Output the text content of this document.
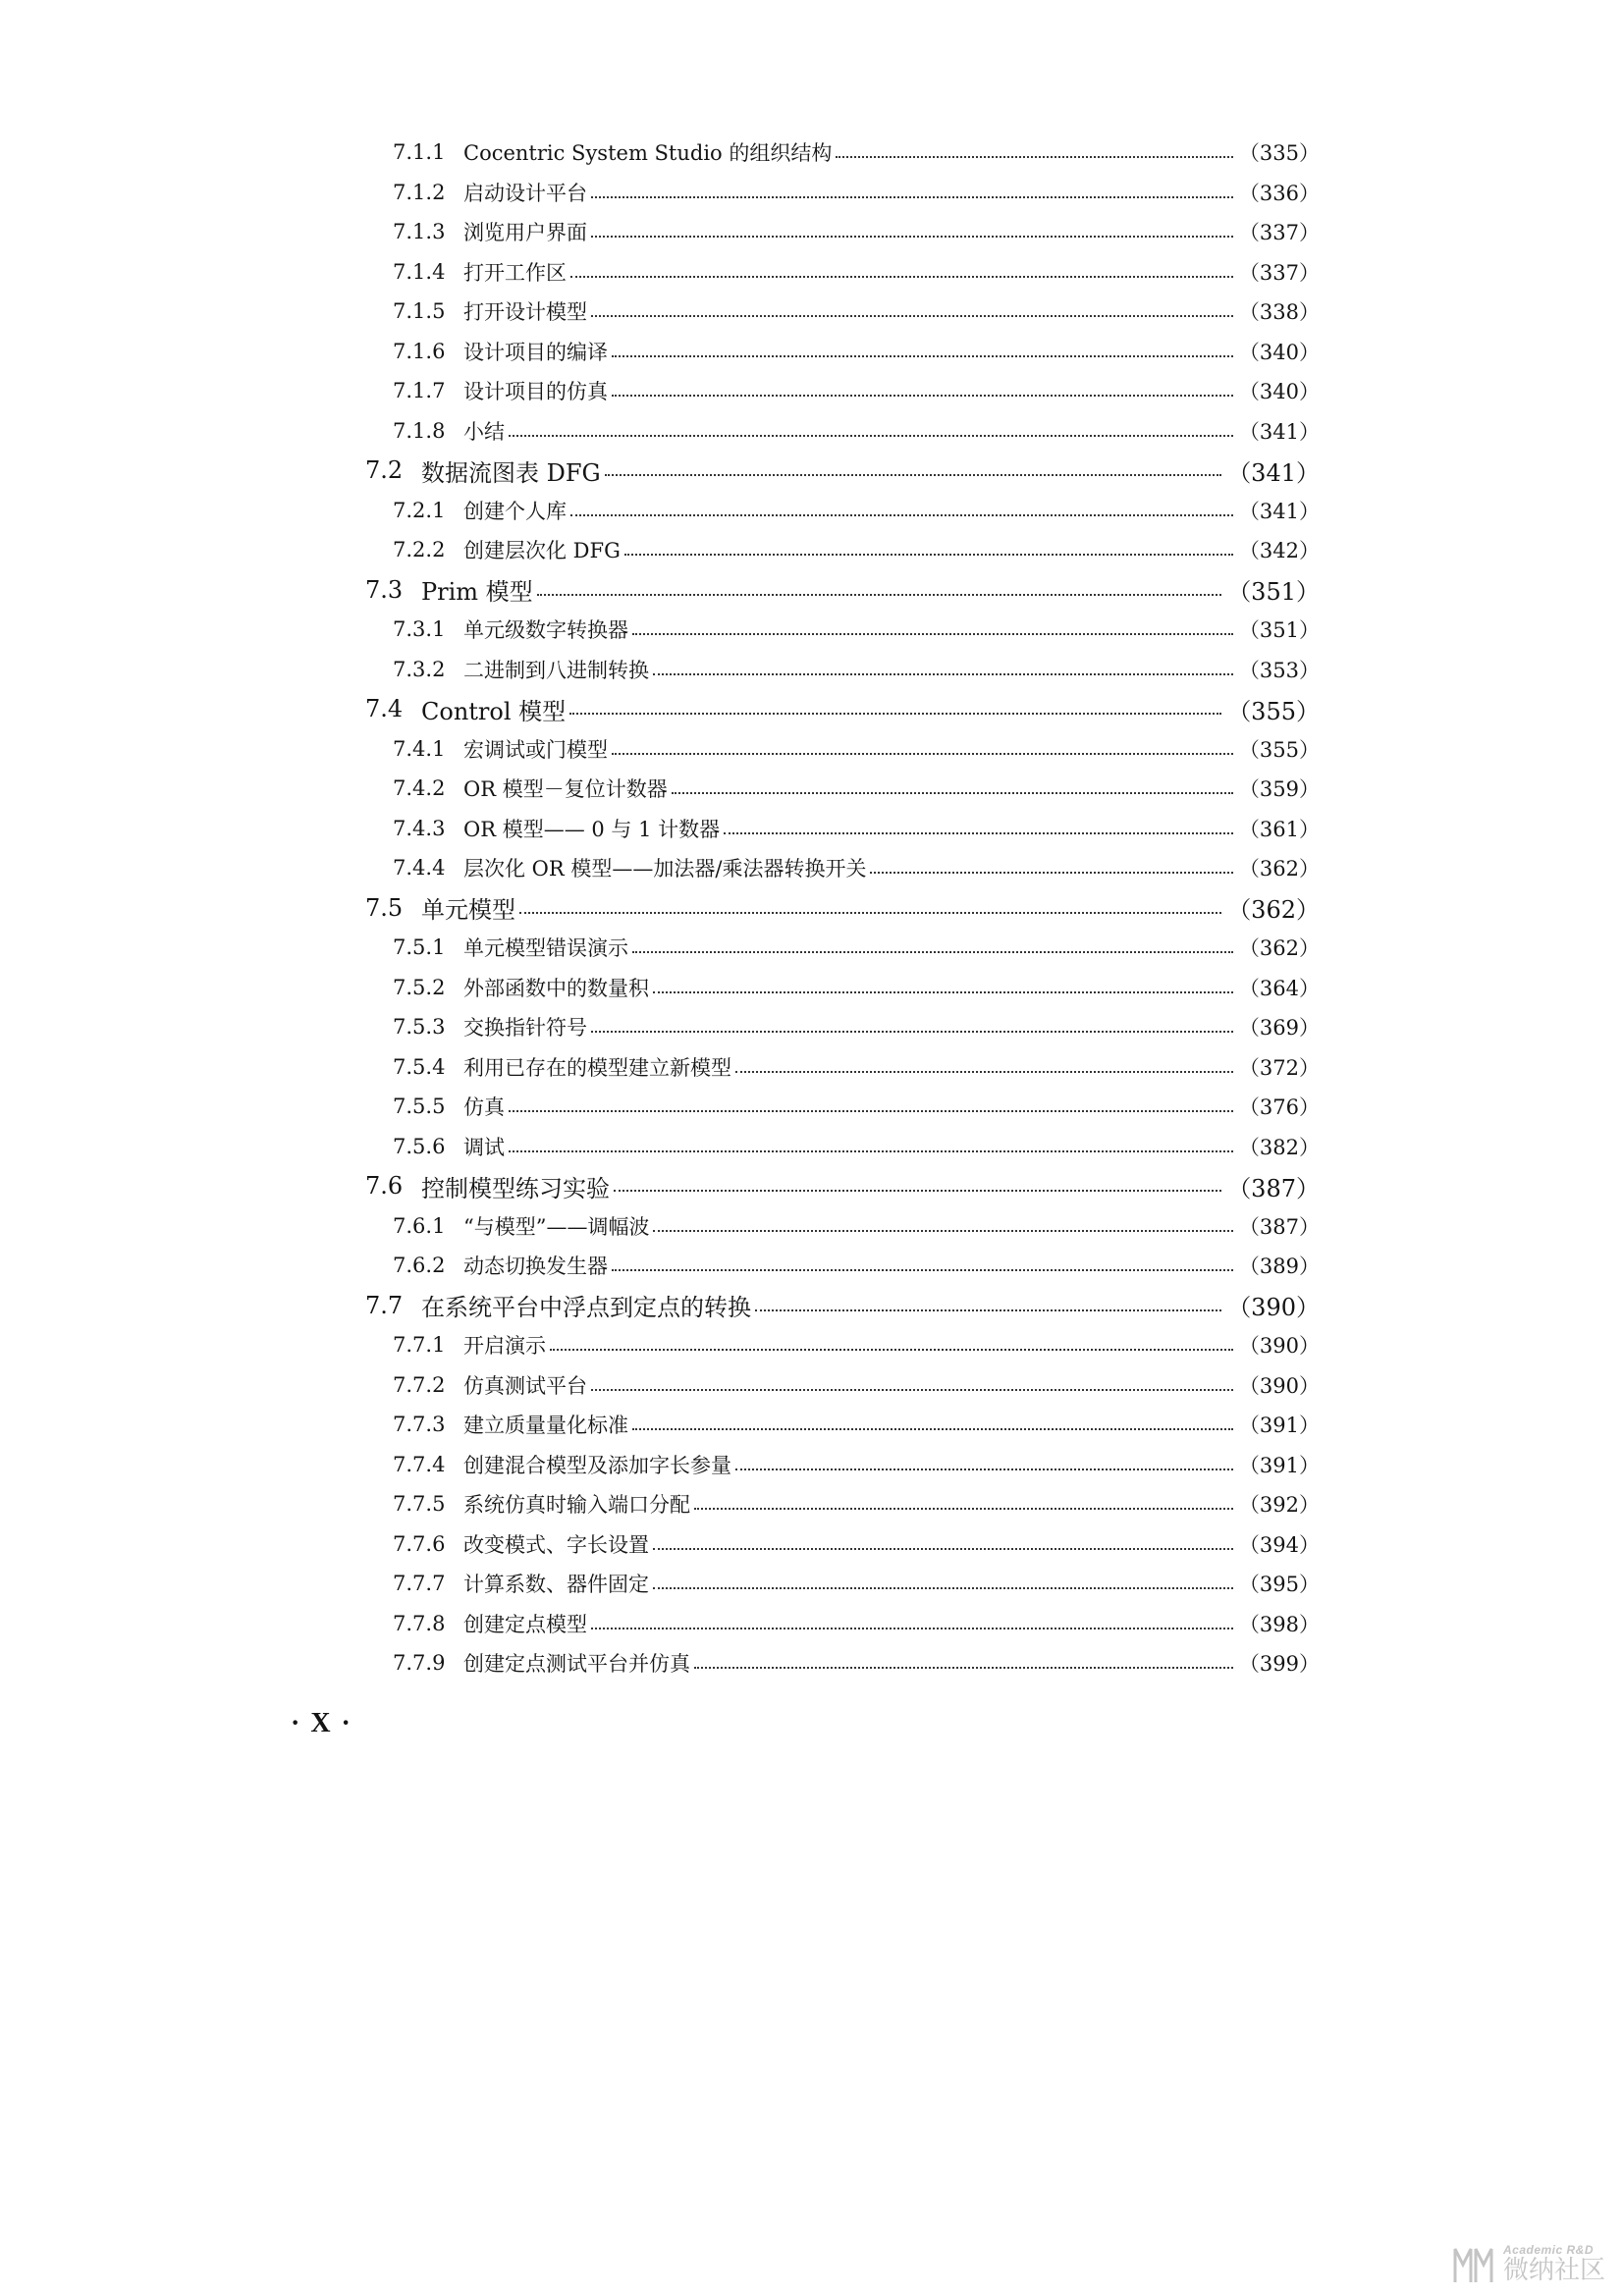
7.1.1 Cocentric System Studio 的组织结构	（335）
7.1.2 启动设计平台	（336）
7.1.3 浏览用户界面	（337）
7.1.4 打开工作区	（337）
7.1.5 打开设计模型	（338）
7.1.6 设计项目的编译	（340）
7.1.7 设计项目的仿真	（340）
7.1.8 小结	（341）
7.2 数据流图表 DFG	（341）
7.2.1 创建个人库	（341）
7.2.2 创建层次化 DFG	（342）
7.3 Prim 模型	（351）
7.3.1 单元级数字转换器	（351）
7.3.2 二进制到八进制转换	（353）
7.4 Control 模型	（355）
7.4.1 宏调试或门模型	（355）
7.4.2 OR 模型－复位计数器	（359）
7.4.3 OR 模型—— 0 与 1 计数器	（361）
7.4.4 层次化 OR 模型——加法器/乘法器转换开关	（362）
7.5 单元模型	（362）
7.5.1 单元模型错误演示	（362）
7.5.2 外部函数中的数量积	（364）
7.5.3 交换指针符号	（369）
7.5.4 利用已存在的模型建立新模型	（372）
7.5.5 仿真	（376）
7.5.6 调试	（382）
7.6 控制模型练习实验	（387）
7.6.1 “与模型”——调幅波	（387）
7.6.2 动态切换发生器	（389）
7.7 在系统平台中浮点到定点的转换	（390）
7.7.1 开启演示	（390）
7.7.2 仿真测试平台	（390）
7.7.3 建立质量量化标准	（391）
7.7.4 创建混合模型及添加字长参量	（391）
7.7.5 系统仿真时输入端口分配	（392）
7.7.6 改变模式、字长设置	（394）
7.7.7 计算系数、器件固定	（395）
7.7.8 创建定点模型	（398）
7.7.9 创建定点测试平台并仿真	（399）
· X ·
Academic R&D
微纳社区
